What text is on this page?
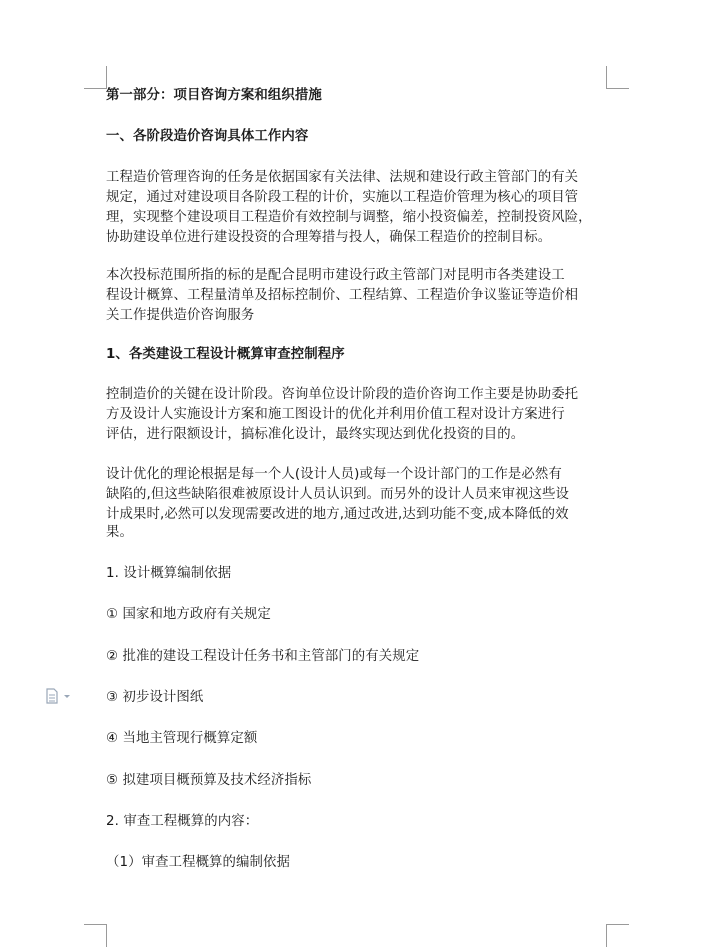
第一部分：项目咨询方案和组织措施
一、各阶段造价咨询具体工作内容
工程造价管理咨询的任务是依据国家有关法律、法规和建设行政主管部门的有关
规定，通过对建设项目各阶段工程的计价，实施以工程造价管理为核心的项目管
理，实现整个建设项目工程造价有效控制与调整，缩小投资偏差，控制投资风险，
协助建设单位进行建设投资的合理筹措与投人，确保工程造价的控制目标。
本次投标范围所指的标的是配合昆明市建设行政主管部门对昆明市各类建设工
程设计概算、工程量清单及招标控制价、工程结算、工程造价争议鉴证等造价相
关工作提供造价咨询服务
1、各类建设工程设计概算审查控制程序
控制造价的关键在设计阶段。咨询单位设计阶段的造价咨询工作主要是协助委托
方及设计人实施设计方案和施工图设计的优化并利用价值工程对设计方案进行
评估，进行限额设计，搞标准化设计，最终实现达到优化投资的目的。
设计优化的理论根据是每一个人(设计人员)或每一个设计部门的工作是必然有
缺陷的,但这些缺陷很难被原设计人员认识到。而另外的设计人员来审视这些设
计成果时,必然可以发现需要改进的地方,通过改进,达到功能不变,成本降低的效
果。
1. 设计概算编制依据
① 国家和地方政府有关规定
② 批准的建设工程设计任务书和主管部门的有关规定
③ 初步设计图纸
④ 当地主管现行概算定额
⑤ 拟建项目概预算及技术经济指标
2. 审查工程概算的内容：
（1）审查工程概算的编制依据
